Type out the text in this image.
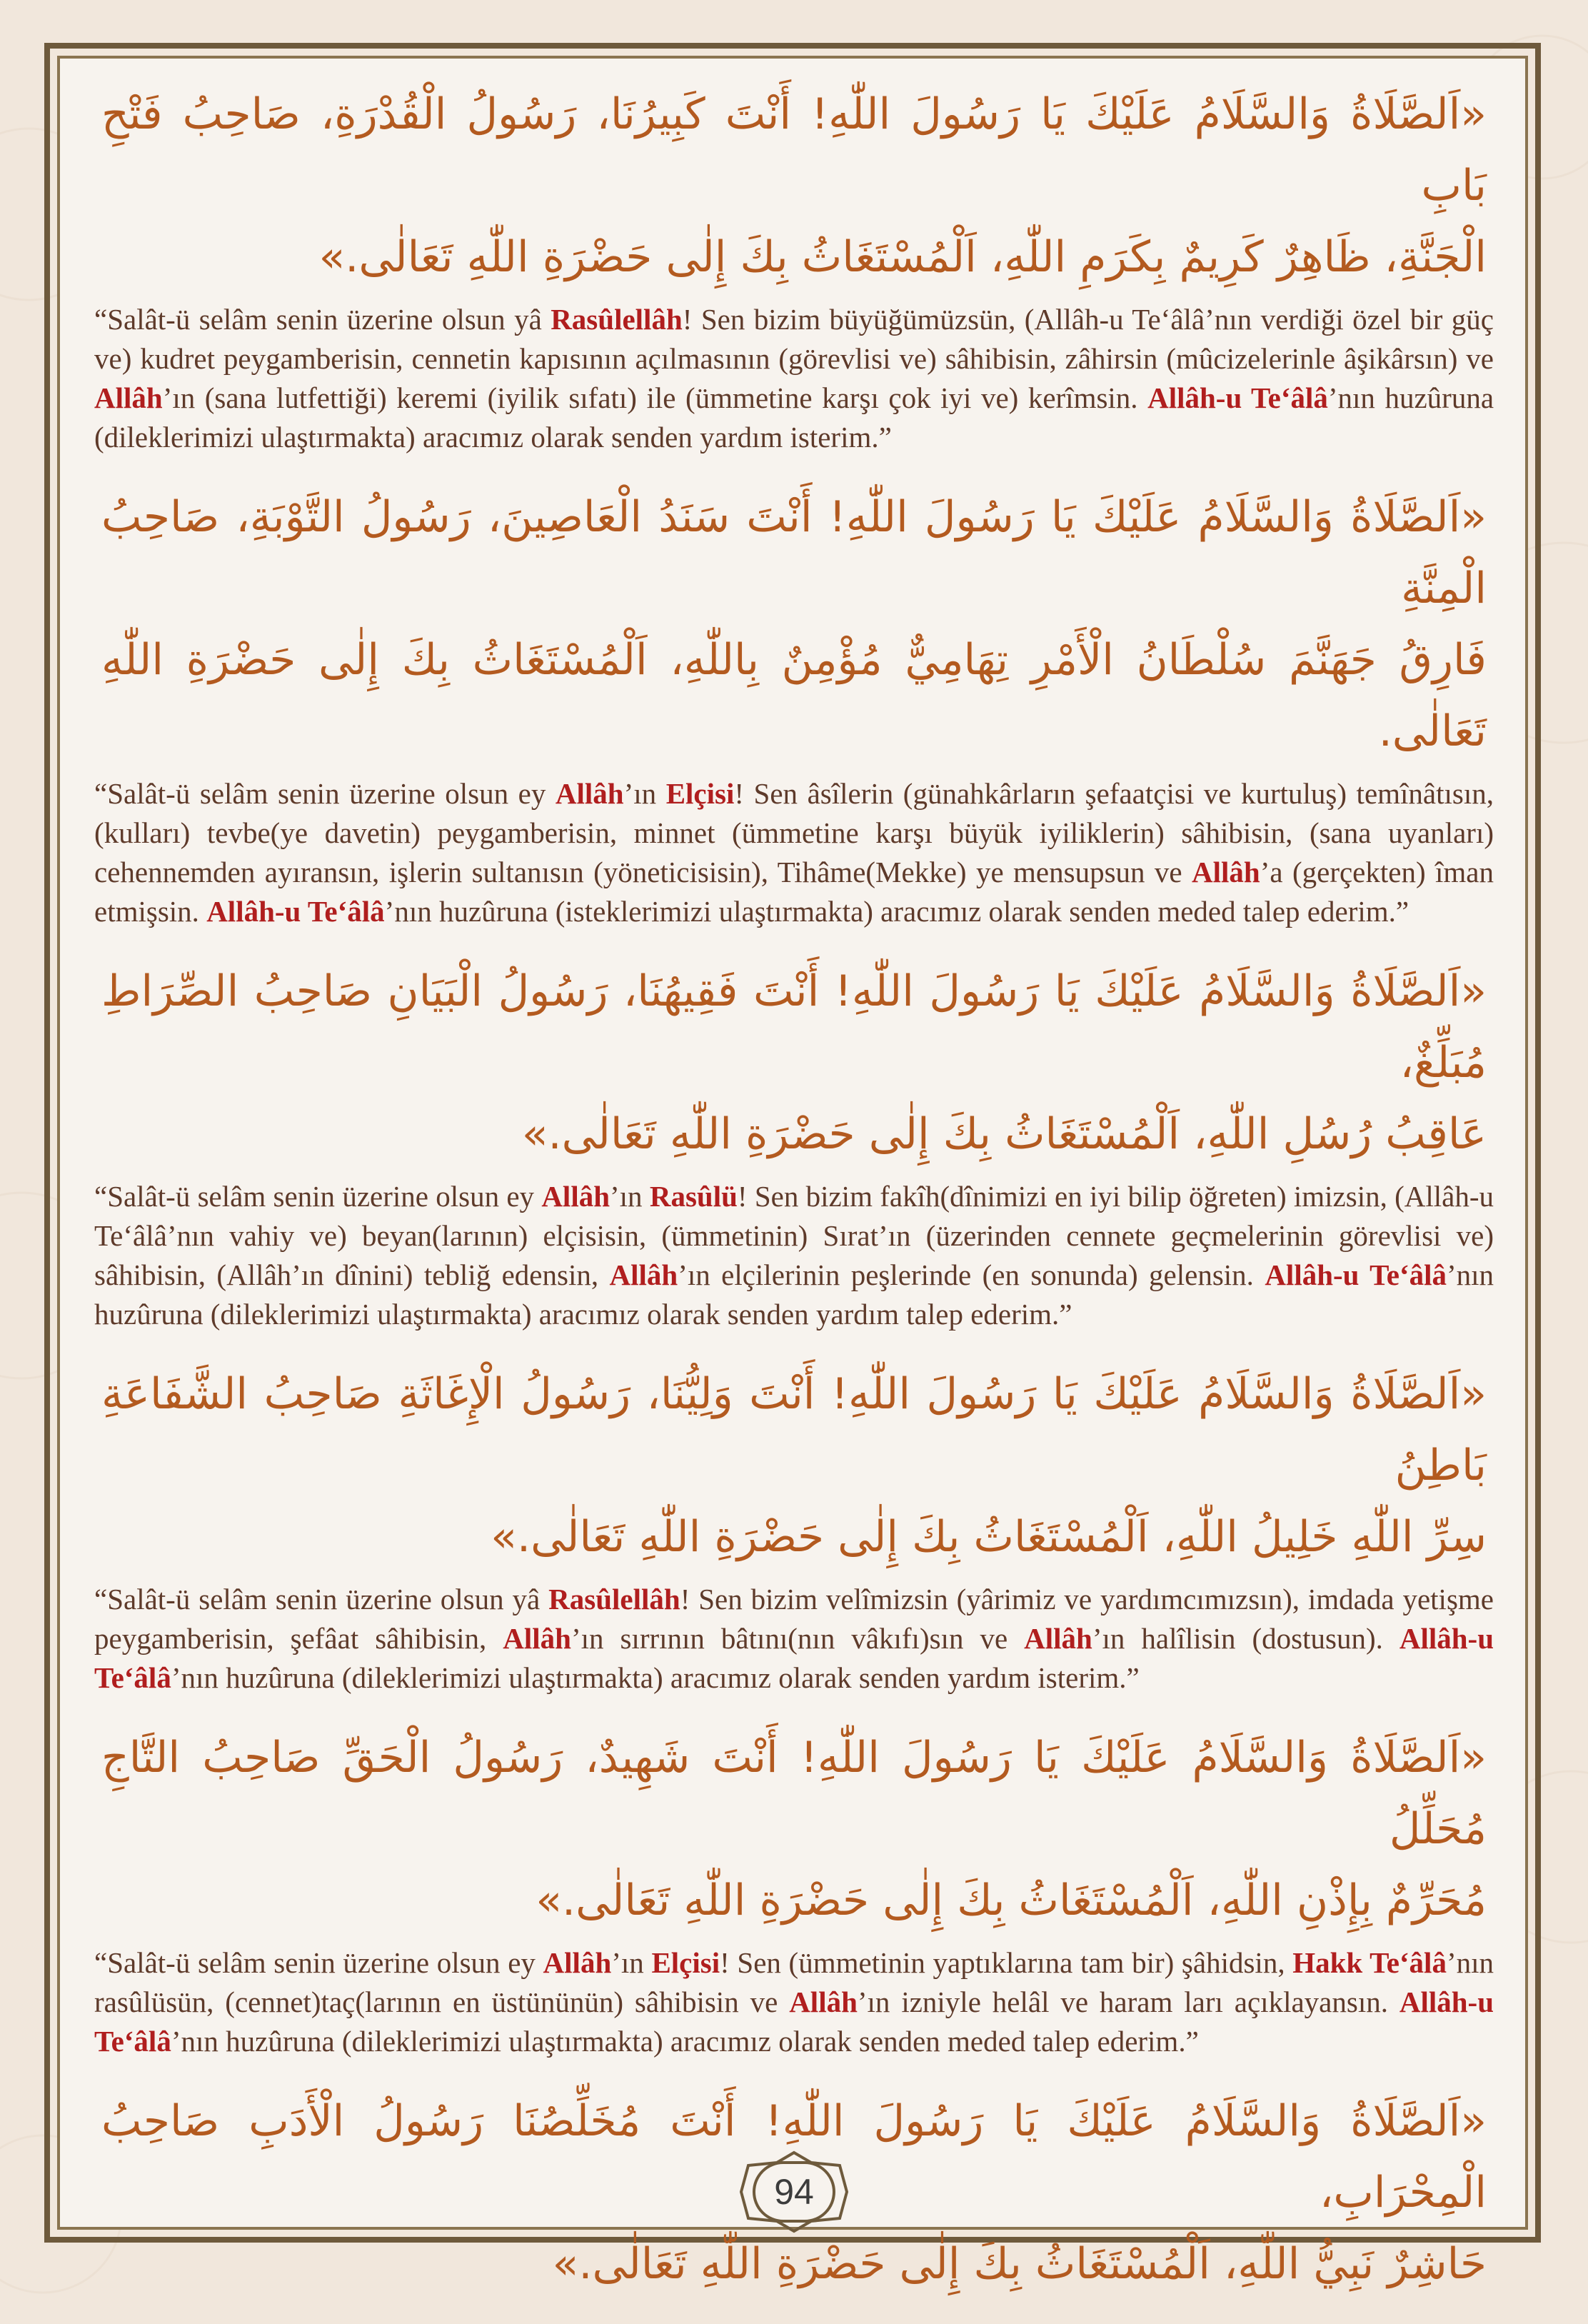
«اَلصَّلَاةُ وَالسَّلَامُ عَلَيْكَ يَا رَسُولَ اللّٰهِ! أَنْتَ كَبِيرُنَا، رَسُولُ الْقُدْرَةِ، صَاحِبُ فَتْحِ بَابِ
الْجَنَّةِ، ظَاهِرٌ كَرِيمٌ بِكَرَمِ اللّٰهِ، اَلْمُسْتَغَاثُ بِكَ إِلٰى حَضْرَةِ اللّٰهِ تَعَالٰى.»
“Salât-ü selâm senin üzerine olsun yâ Rasûlellâh! Sen bizim büyüğümüzsün, (Allâh-u Te‘âlâ’nın verdiği özel bir güç ve) kudret peygamberisin, cennetin kapısının açılmasının (görevlisi ve) sâhibisin, zâhirsin (mûcizelerinle âşikârsın) ve Allâh’ın (sana lutfettiği) keremi (iyilik sıfatı) ile (ümmetine karşı çok iyi ve) kerîmsin. Allâh-u Te‘âlâ’nın huzûruna (dileklerimizi ulaştırmakta) aracımız olarak senden yardım isterim.”
«اَلصَّلَاةُ وَالسَّلَامُ عَلَيْكَ يَا رَسُولَ اللّٰهِ! أَنْتَ سَنَدُ الْعَاصِينَ، رَسُولُ التَّوْبَةِ، صَاحِبُ الْمِنَّةِ
فَارِقُ جَهَنَّمَ سُلْطَانُ الْأَمْرِ تِهَامِيٌّ مُؤْمِنٌ بِاللّٰهِ، اَلْمُسْتَغَاثُ بِكَ إِلٰى حَضْرَةِ اللّٰهِ تَعَالٰى.
“Salât-ü selâm senin üzerine olsun ey Allâh’ın Elçisi! Sen âsîlerin (günahkârların şefaatçisi ve kurtuluş) temînâtısın, (kulları) tevbe(ye davetin) peygamberisin, minnet (ümmetine karşı büyük iyiliklerin) sâhibisin, (sana uyanları) cehennemden ayıransın, işlerin sultanısın (yöneticisisin), Tihâme(Mekke) ye mensupsun ve Allâh’a (gerçekten) îman etmişsin. Allâh-u Te‘âlâ’nın huzûruna (isteklerimizi ulaştırmakta) aracımız olarak senden meded talep ederim.”
«اَلصَّلَاةُ وَالسَّلَامُ عَلَيْكَ يَا رَسُولَ اللّٰهِ! أَنْتَ فَقِيهُنَا، رَسُولُ الْبَيَانِ صَاحِبُ الصِّرَاطِ مُبَلِّغٌ،
عَاقِبُ رُسُلِ اللّٰهِ، اَلْمُسْتَغَاثُ بِكَ إِلٰى حَضْرَةِ اللّٰهِ تَعَالٰى.»
“Salât-ü selâm senin üzerine olsun ey Allâh’ın Rasûlü! Sen bizim fakîh(dînimizi en iyi bilip öğreten) imizsin, (Allâh-u Te‘âlâ’nın vahiy ve) beyan(larının) elçisisin, (ümmetinin) Sırat’ın (üzerinden cennete geçmelerinin görevlisi ve) sâhibisin, (Allâh’ın dînini) tebliğ edensin, Allâh’ın elçilerinin peşlerinde (en sonunda) gelensin. Allâh-u Te‘âlâ’nın huzûruna (dileklerimizi ulaştırmakta) aracımız olarak senden yardım talep ederim.”
«اَلصَّلَاةُ وَالسَّلَامُ عَلَيْكَ يَا رَسُولَ اللّٰهِ! أَنْتَ وَلِيُّنَا، رَسُولُ الْإِغَاثَةِ صَاحِبُ الشَّفَاعَةِ بَاطِنُ
سِرِّ اللّٰهِ خَلِيلُ اللّٰهِ، اَلْمُسْتَغَاثُ بِكَ إِلٰى حَضْرَةِ اللّٰهِ تَعَالٰى.»
“Salât-ü selâm senin üzerine olsun yâ Rasûlellâh! Sen bizim velîmizsin (yârimiz ve yardımcımızsın), imdada yetişme peygamberisin, şefâat sâhibisin, Allâh’ın sırrının bâtını(nın vâkıfı)sın ve Allâh’ın halîlisin (dostusun). Allâh-u Te‘âlâ’nın huzûruna (dileklerimizi ulaştırmakta) aracımız olarak senden yardım isterim.”
«اَلصَّلَاةُ وَالسَّلَامُ عَلَيْكَ يَا رَسُولَ اللّٰهِ! أَنْتَ شَهِيدٌ، رَسُولُ الْحَقِّ صَاحِبُ التَّاجِ مُحَلِّلُ
مُحَرِّمٌ بِإِذْنِ اللّٰهِ، اَلْمُسْتَغَاثُ بِكَ إِلٰى حَضْرَةِ اللّٰهِ تَعَالٰى.»
“Salât-ü selâm senin üzerine olsun ey Allâh’ın Elçisi! Sen (ümmetinin yaptıklarına tam bir) şâhidsin, Hakk Te‘âlâ’nın rasûlüsün, (cennet)taç(larının en üstününün) sâhibisin ve Allâh’ın izniyle helâl ve haram ları açıklayansın. Allâh-u Te‘âlâ’nın huzûruna (dileklerimizi ulaştırmakta) aracımız olarak senden meded talep ederim.”
«اَلصَّلَاةُ وَالسَّلَامُ عَلَيْكَ يَا رَسُولَ اللّٰهِ! أَنْتَ مُخَلِّصُنَا رَسُولُ الْأَدَبِ صَاحِبُ الْمِحْرَابِ،
حَاشِرٌ نَبِيُّ اللّٰهِ، اَلْمُسْتَغَاثُ بِكَ إِلٰى حَضْرَةِ اللّٰهِ تَعَالٰى.»
94
